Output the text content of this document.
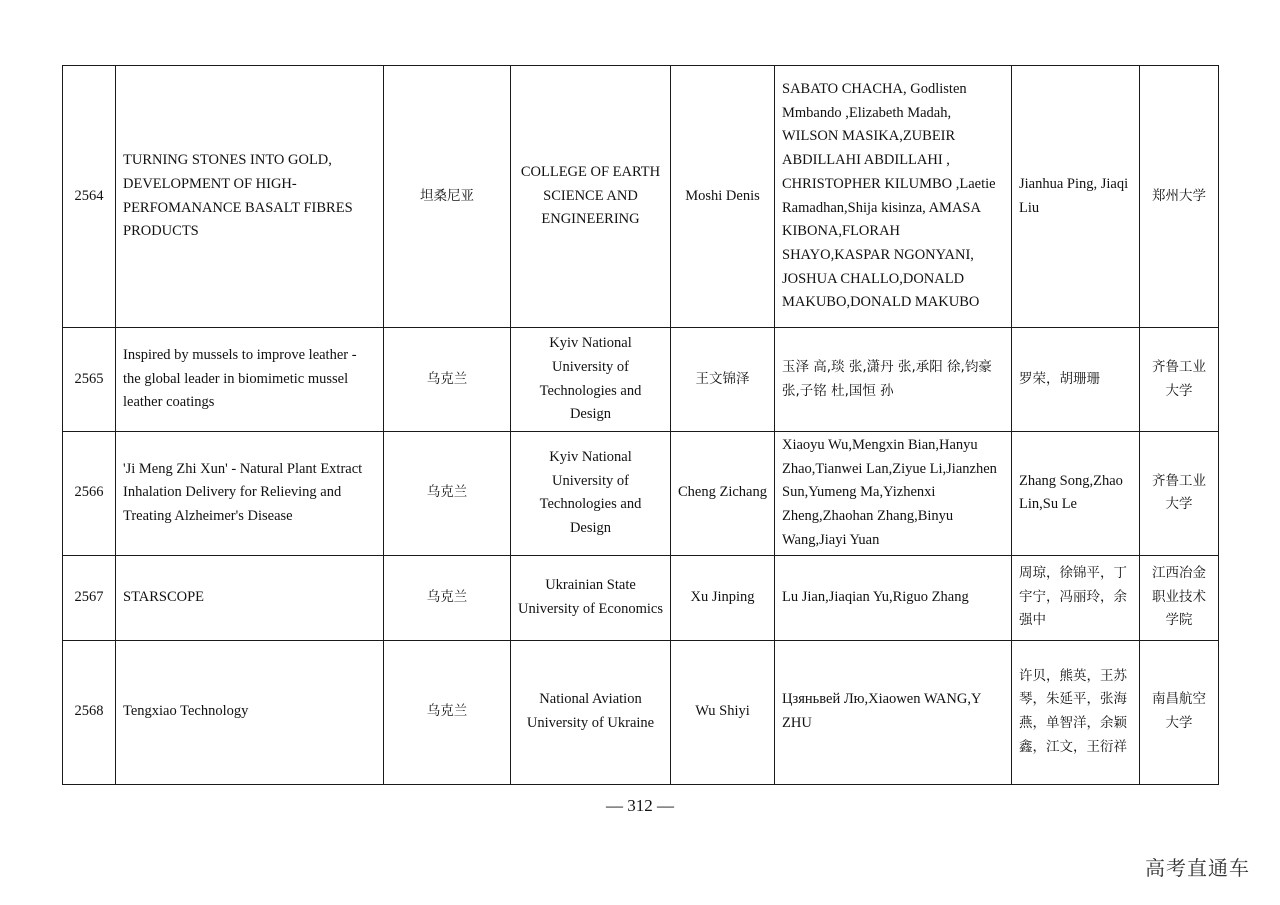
2564	TURNING STONES INTO GOLD, DEVELOPMENT OF HIGH-PERFOMANANCE BASALT FIBRES PRODUCTS	坦桑尼亚	COLLEGE OF EARTH SCIENCE AND ENGINEERING	Moshi Denis	SABATO CHACHA, Godlisten Mmbando ,Elizabeth Madah, WILSON MASIKA,ZUBEIR ABDILLAHI ABDILLAHI , CHRISTOPHER KILUMBO ,Laetie Ramadhan,Shija kisinza, AMASA KIBONA,FLORAH SHAYO,KASPAR NGONYANI, JOSHUA CHALLO,DONALD MAKUBO,DONALD MAKUBO	Jianhua Ping, Jiaqi Liu	郑州大学
2565	Inspired by mussels to improve leather - the global leader in biomimetic mussel leather coatings	乌克兰	Kyiv National University of Technologies and Design	王文锦泽	玉泽 高,琰 张,潇丹 张,承阳 徐,钧豪 张,子铭 杜,国恒 孙	罗荣，胡珊珊	齐鲁工业大学
2566	'Ji Meng Zhi Xun' - Natural Plant Extract Inhalation Delivery for Relieving and Treating Alzheimer's Disease	乌克兰	Kyiv National University of Technologies and Design	Cheng Zichang	Xiaoyu Wu,Mengxin Bian,Hanyu Zhao,Tianwei Lan,Ziyue Li,Jianzhen Sun,Yumeng Ma,Yizhenxi Zheng,Zhaohan Zhang,Binyu Wang,Jiayi Yuan	Zhang Song,Zhao Lin,Su Le	齐鲁工业大学
2567	STARSCOPE	乌克兰	Ukrainian State University of Economics	Xu Jinping	Lu Jian,Jiaqian Yu,Riguo Zhang	周琼，徐锦平，丁宇宁，冯丽玲，余强中	江西冶金职业技术学院
2568	Tengxiao Technology	乌克兰	National Aviation University of Ukraine	Wu Shiyi	Цзяньвей Лю,Xiaowen WANG,Y ZHU	许贝，熊英，王苏琴，朱延平，张海燕，单智洋，余颖鑫，江文，王衍祥	南昌航空大学
— 312 —
高考直通车
